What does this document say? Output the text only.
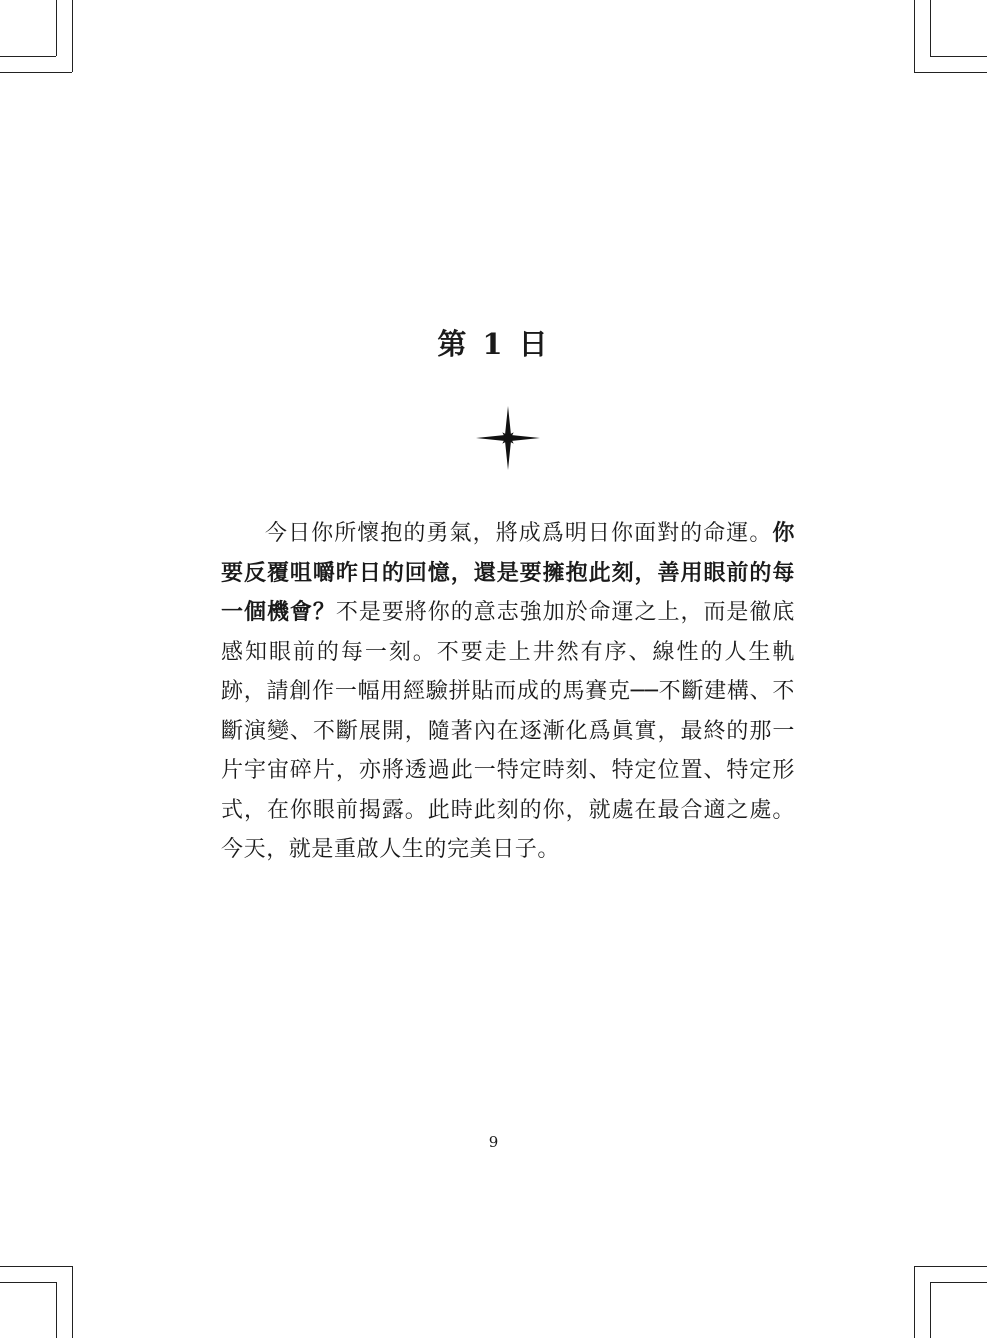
第 1 日

今日你所懷抱的勇氣，將成爲明日你面對的命運。你要反覆咀嚼昨日的回憶，還是要擁抱此刻，善用眼前的每一個機會？不是要將你的意志強加於命運之上，而是徹底感知眼前的每一刻。不要走上井然有序、線性的人生軌跡，請創作一幅用經驗拼貼而成的馬賽克──不斷建構、不斷演變、不斷展開，隨著內在逐漸化爲眞實，最終的那一片宇宙碎片，亦將透過此一特定時刻、特定位置、特定形式，在你眼前揭露。此時此刻的你，就處在最合適之處。今天，就是重啟人生的完美日子。

9
